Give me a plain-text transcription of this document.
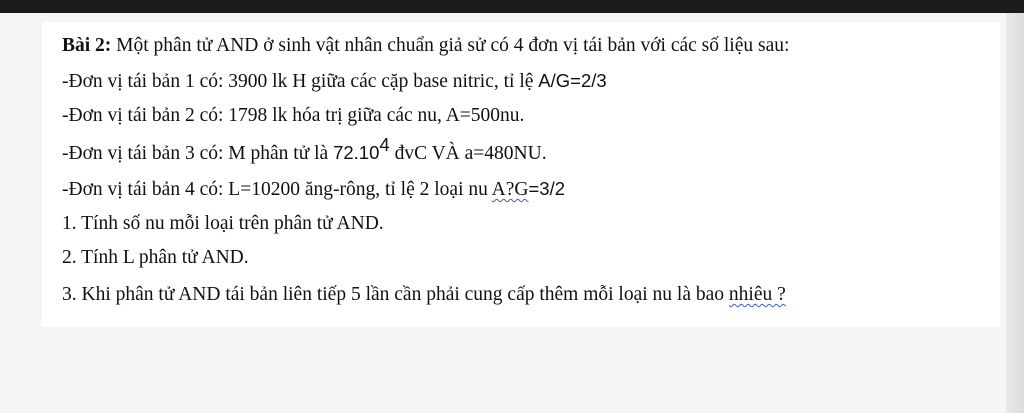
Bài 2: Một phân tử AND ở sinh vật nhân chuẩn giả sử có 4 đơn vị tái bản với các số liệu sau:
-Đơn vị tái bản 1 có: 3900 lk H giữa các cặp base nitric, tỉ lệ A/G=2/3
-Đơn vị tái bản 2 có: 1798 lk hóa trị giữa các nu, A=500nu.
-Đơn vị tái bản 3 có: M phân tử là 72.10$^4$ đvC VÀ a=480NU.
-Đơn vị tái bản 4 có: L=10200 ăng-rông, tỉ lệ 2 loại nu A?G=3/2
1. Tính số nu mỗi loại trên phân tử AND.
2. Tính L phân tử AND.
3. Khi phân tử AND tái bản liên tiếp 5 lần cần phải cung cấp thêm mỗi loại nu là bao nhiêu ?
